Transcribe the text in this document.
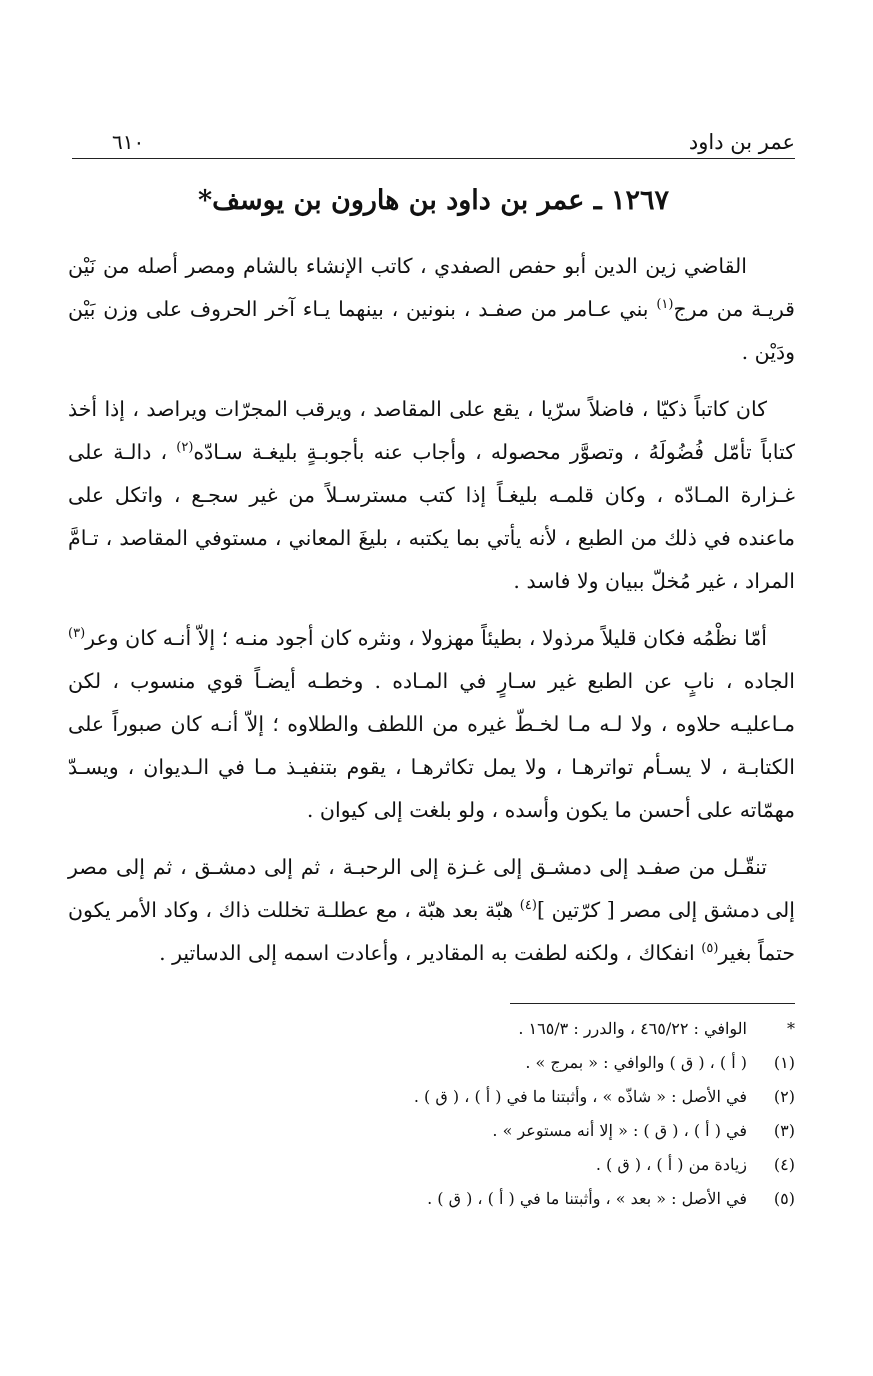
عمر بن داود
٦١٠
١٢٦٧ ـ عمر بن داود بن هارون بن يوسف*

القاضي زين الدين أبو حفص الصفدي ، كاتب الإنشاء بالشام ومصر أصله من نَيْن قريـة من مرج$^{(١)}$ بني عـامر من صفـد ، بنونين ، بينهما يـاء آخر الحروف على وزن بَيْن ودَيْن .

كان كاتباً ذكيّا ، فاضلاً سرّيا ، يقع على المقاصد ، ويرقب المجرّات ويراصد ، إذا أخذ كتاباً تأمّل فُضُولَهُ ، وتصوَّر محصوله ، وأجاب عنه بأجوبـةٍ بليغـة سـادّه$^{(٢)}$ ، دالـة على غـزارة المـادّه ، وكان قلمـه بليغـاً إذا كتب مسترسـلاً من غير سجـع ، واتكل على ماعنده في ذلك من الطبع ، لأنه يأتي بما يكتبه ، بليغَ المعاني ، مستوفي المقاصد ، تـامَّ المراد ، غير مُخلّ ببيان ولا فاسد .

أمّا نظْمُه فكان قليلاً مرذولا ، بطيئاً مهزولا ، ونثره كان أجود منـه ؛ إلاّ أنـه كان وعر$^{(٣)}$ الجاده ، نابٍ عن الطبع غير سـارٍ في المـاده . وخطـه أيضـاً قوي منسوب ، لكن مـاعليـه حلاوه ، ولا لـه مـا لخـطّ غيره من اللطف والطلاوه ؛ إلاّ أنـه كان صبوراً على الكتابـة ، لا يسـأم تواترهـا ، ولا يمل تكاثرهـا ، يقوم بتنفيـذ مـا في الـديوان ، ويسـدّ مهمّاته على أحسن ما يكون وأسده ، ولو بلغت إلى كيوان .

تنقّـل من صفـد إلى دمشـق إلى غـزة إلى الرحبـة ، ثم إلى دمشـق ، ثم إلى مصر إلى دمشق إلى مصر [ كرّتين ]$^{(٤)}$ هبّة بعد هبّة ، مع عطلـة تخللت ذاك ، وكاد الأمر يكون حتماً بغير$^{(٥)}$ انفكاك ، ولكنه لطفت به المقادير ، وأعادت اسمه إلى الدساتير .

*
الوافي : ٤٦٥/٢٢ ، والدرر : ١٦٥/٣ .
(١)
( أ ) ، ( ق ) والوافي : « بمرج » .
(٢)
في الأصل : « شاذّه » ، وأثبتنا ما في ( أ ) ، ( ق ) .
(٣)
في ( أ ) ، ( ق ) : « إلا أنه مستوعر » .
(٤)
زيادة من ( أ ) ، ( ق ) .
(٥)
في الأصل : « بعد » ، وأثبتنا ما في ( أ ) ، ( ق ) .
